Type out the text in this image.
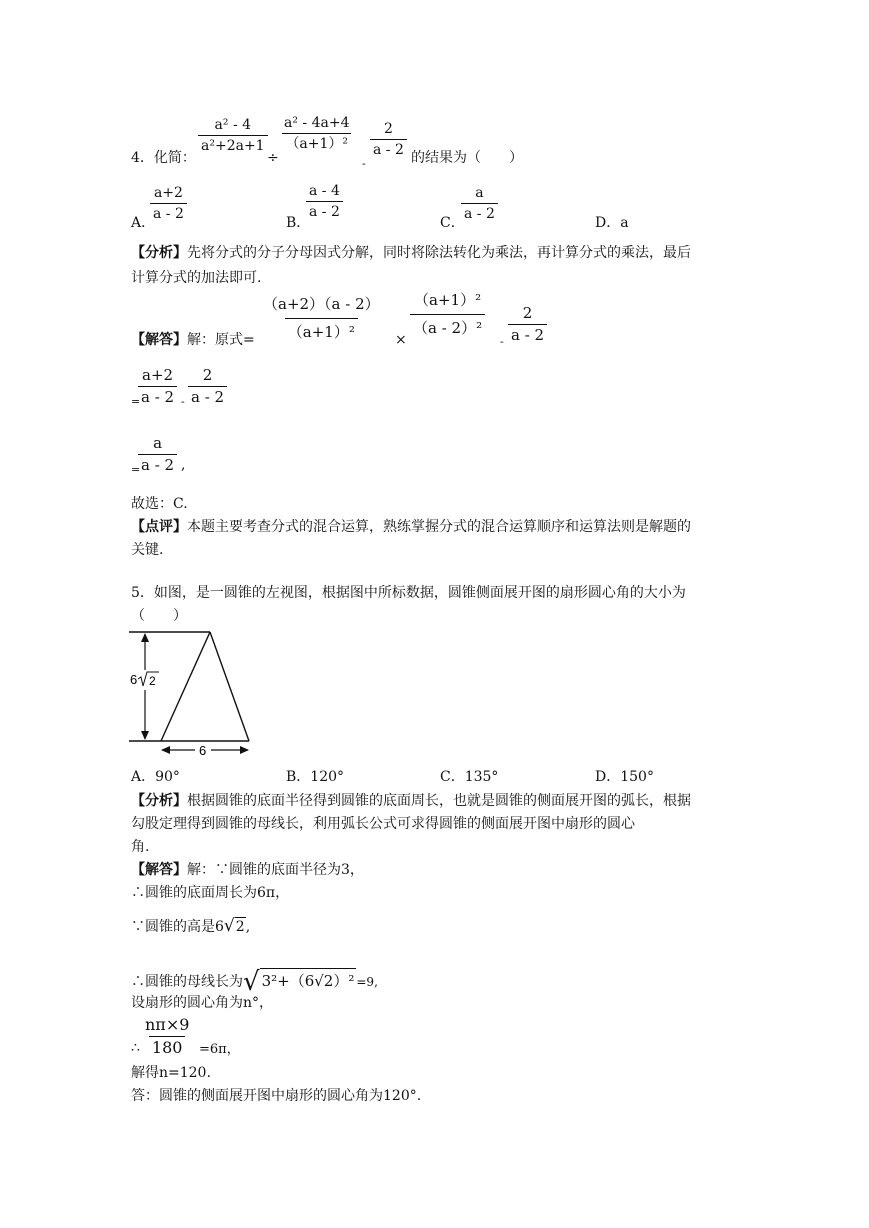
$\frac{\text{a² - 4}}{\text{a²+2a+1}}$
4．化简：	÷
$\frac{\text{a² - 4a+4}}{\text{（a+1）²}}$
-
$\frac{2}{a - 2}$
的结果为（　　）
A．
$\frac{a+2}{a - 2}$
B．
$\frac{a - 4}{a - 2}$
C．
$\frac{a}{a - 2}$
D．a
【分析】先将分式的分子分母因式分解，同时将除法转化为乘法，再计算分式的乘法，最后
计算分式的加法即可.
【解答】解：原式= $\frac{(a+2)(a - 2)}{\text{（a+1）²}}$ ×
$\frac{\text{（a+1）²}}{\text{（a - 2）²}}$
- $\frac{2}{a - 2}$
=
$\frac{a+2}{a - 2} - \frac{2}{a - 2}$
=
$\frac{a}{a - 2}$ ,
故选：C.
【点评】本题主要考查分式的混合运算，熟练掌握分式的混合运算顺序和运算法则是解题的
关键.
5．如图，是一圆锥的左视图，根据图中所标数据，圆锥侧面展开图的扇形圆心角的大小为
（　　）
6 2
6
A．90°	B．120°	C．135°	D．150°
【分析】根据圆锥的底面半径得到圆锥的底面周长，也就是圆锥的侧面展开图的弧长，根据
勾股定理得到圆锥的母线长，利用弧长公式可求得圆锥的侧面展开图中扇形的圆心
角.
【解答】解：∵圆锥的底面半径为3，
∴圆锥的底面周长为6π，
∵圆锥的高是6√2,
∴圆锥的母线长为√ 3²+（6√2）² =9,
设扇形的圆心角为n°，
$\frac{n\pi\times 9}{180}$
∴	=6π，
解得n=120.
答：圆锥的侧面展开图中扇形的圆心角为120°.
